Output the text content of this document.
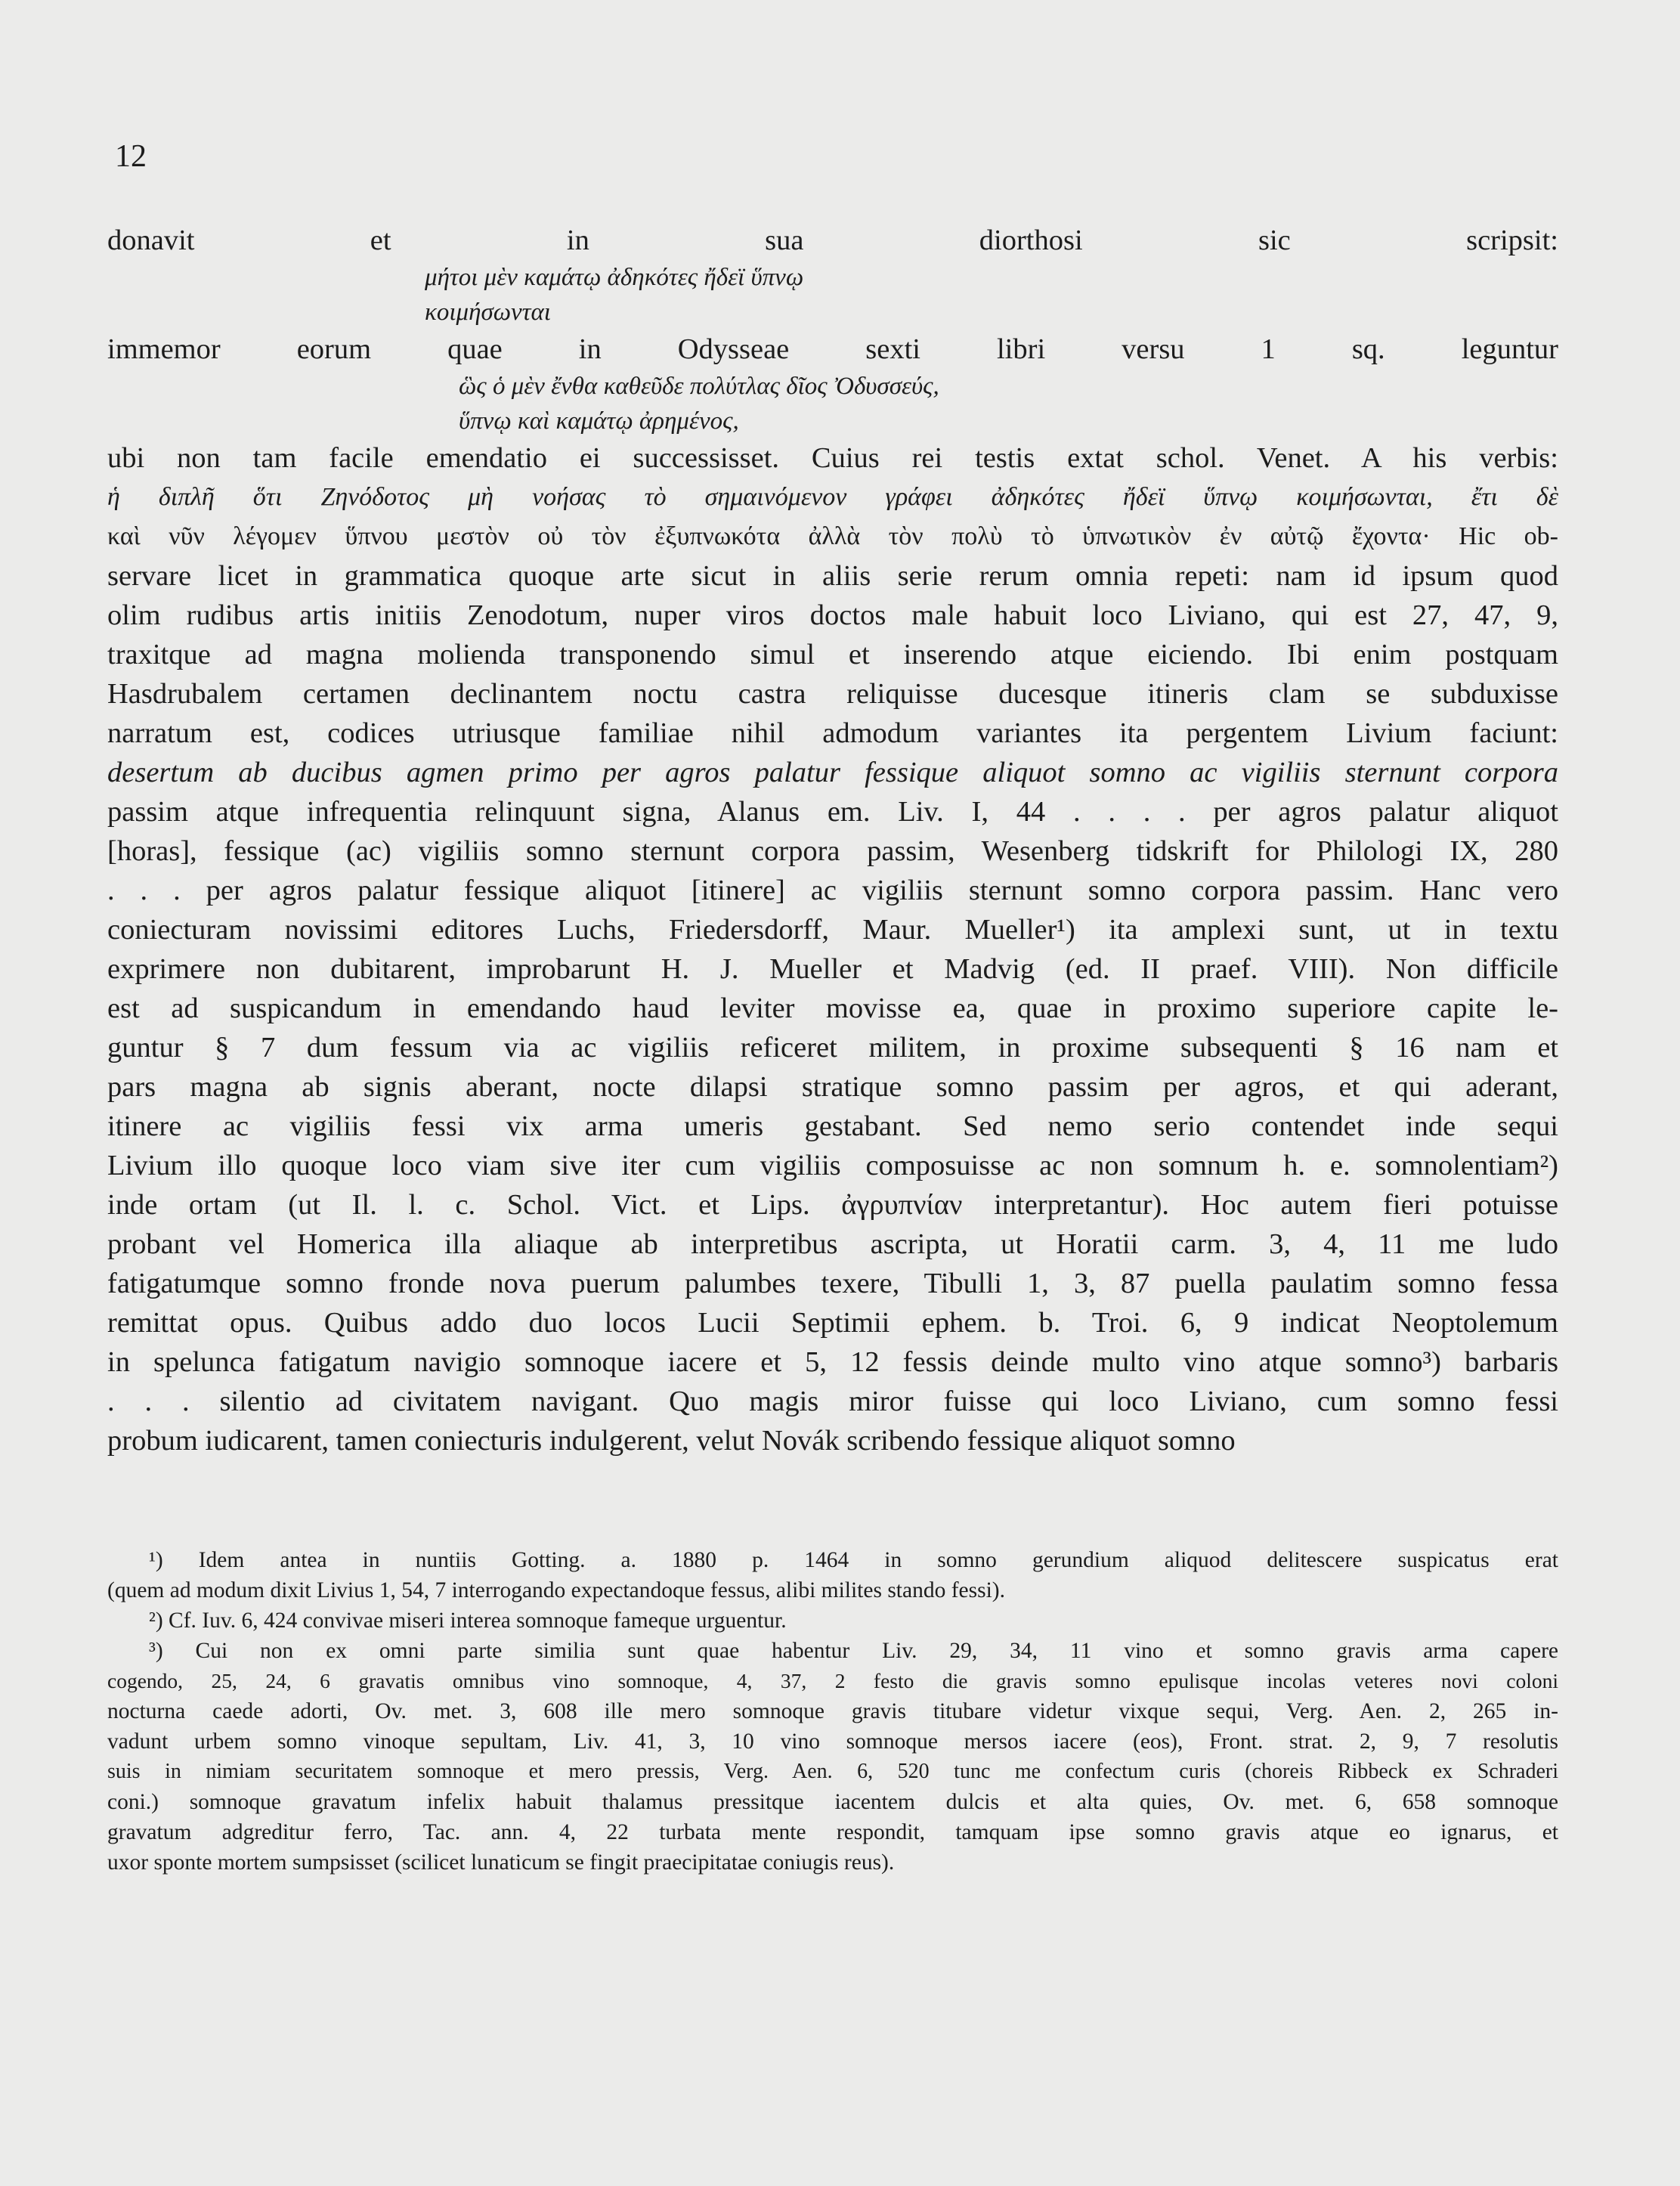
12
donavit et in sua diorthosi sic scripsit:
μήτοι μὲν καμάτῳ ἀδηκότες ἤδεϊ ὕπνῳ
κοιμήσωνται
immemor eorum quae in Odysseae sexti libri versu 1 sq. leguntur
ὣς ὁ μὲν ἔνθα καθεῦδε πολύτλας δῖος Ὀδυσσεύς,
ὕπνῳ καὶ καμάτῳ ἀρημένος,
ubi non tam facile emendatio ei successisset. Cuius rei testis extat schol. Venet. A his verbis:
ἡ διπλῆ ὅτι Ζηνόδοτος μὴ νοήσας τὸ σημαινόμενον γράφει ἀδηκότες ἤδεϊ ὕπνῳ κοιμήσωνται, ἔτι δὲ
καὶ νῦν λέγομεν ὕπνου μεστὸν οὐ τὸν ἐξυπνωκότα ἀλλὰ τὸν πολὺ τὸ ὑπνωτικὸν ἐν αὐτῷ ἔχοντα· Hic ob-
servare licet in grammatica quoque arte sicut in aliis serie rerum omnia repeti: nam id ipsum quod
olim rudibus artis initiis Zenodotum, nuper viros doctos male habuit loco Liviano, qui est 27, 47, 9,
traxitque ad magna molienda transponendo simul et inserendo atque eiciendo. Ibi enim postquam
Hasdrubalem certamen declinantem noctu castra reliquisse ducesque itineris clam se subduxisse
narratum est, codices utriusque familiae nihil admodum variantes ita pergentem Livium faciunt:
desertum ab ducibus agmen primo per agros palatur fessique aliquot somno ac vigiliis sternunt corpora
passim atque infrequentia relinquunt signa, Alanus em. Liv. I, 44 . . . . per agros palatur aliquot
[horas], fessique (ac) vigiliis somno sternunt corpora passim, Wesenberg tidskrift for Philologi IX, 280
. . . per agros palatur fessique aliquot [itinere] ac vigiliis sternunt somno corpora passim. Hanc vero
coniecturam novissimi editores Luchs, Friedersdorff, Maur. Mueller¹) ita amplexi sunt, ut in textu
exprimere non dubitarent, improbarunt H. J. Mueller et Madvig (ed. II praef. VIII). Non difficile
est ad suspicandum in emendando haud leviter movisse ea, quae in proximo superiore capite le-
guntur § 7 dum fessum via ac vigiliis reficeret militem, in proxime subsequenti § 16 nam et
pars magna ab signis aberant, nocte dilapsi stratique somno passim per agros, et qui aderant,
itinere ac vigiliis fessi vix arma umeris gestabant. Sed nemo serio contendet inde sequi
Livium illo quoque loco viam sive iter cum vigiliis composuisse ac non somnum h. e. somnolentiam²)
inde ortam (ut Il. l. c. Schol. Vict. et Lips. ἀγρυπνίαν interpretantur). Hoc autem fieri potuisse
probant vel Homerica illa aliaque ab interpretibus ascripta, ut Horatii carm. 3, 4, 11 me ludo
fatigatumque somno fronde nova puerum palumbes texere, Tibulli 1, 3, 87 puella paulatim somno fessa
remittat opus. Quibus addo duo locos Lucii Septimii ephem. b. Troi. 6, 9 indicat Neoptolemum
in spelunca fatigatum navigio somnoque iacere et 5, 12 fessis deinde multo vino atque somno³) barbaris
. . . silentio ad civitatem navigant. Quo magis miror fuisse qui loco Liviano, cum somno fessi
probum iudicarent, tamen coniecturis indulgerent, velut Novák scribendo fessique aliquot somno
¹) Idem antea in nuntiis Gotting. a. 1880 p. 1464 in somno gerundium aliquod delitescere suspicatus erat
(quem ad modum dixit Livius 1, 54, 7 interrogando expectandoque fessus, alibi milites stando fessi).
²) Cf. Iuv. 6, 424 convivae miseri interea somnoque fameque urguentur.
³) Cui non ex omni parte similia sunt quae habentur Liv. 29, 34, 11 vino et somno gravis arma capere
cogendo, 25, 24, 6 gravatis omnibus vino somnoque, 4, 37, 2 festo die gravis somno epulisque incolas veteres novi coloni
nocturna caede adorti, Ov. met. 3, 608 ille mero somnoque gravis titubare videtur vixque sequi, Verg. Aen. 2, 265 in-
vadunt urbem somno vinoque sepultam, Liv. 41, 3, 10 vino somnoque mersos iacere (eos), Front. strat. 2, 9, 7 resolutis
suis in nimiam securitatem somnoque et mero pressis, Verg. Aen. 6, 520 tunc me confectum curis (choreis Ribbeck ex Schraderi
coni.) somnoque gravatum infelix habuit thalamus pressitque iacentem dulcis et alta quies, Ov. met. 6, 658 somnoque
gravatum adgreditur ferro, Tac. ann. 4, 22 turbata mente respondit, tamquam ipse somno gravis atque eo ignarus, et
uxor sponte mortem sumpsisset (scilicet lunaticum se fingit praecipitatae coniugis reus).
